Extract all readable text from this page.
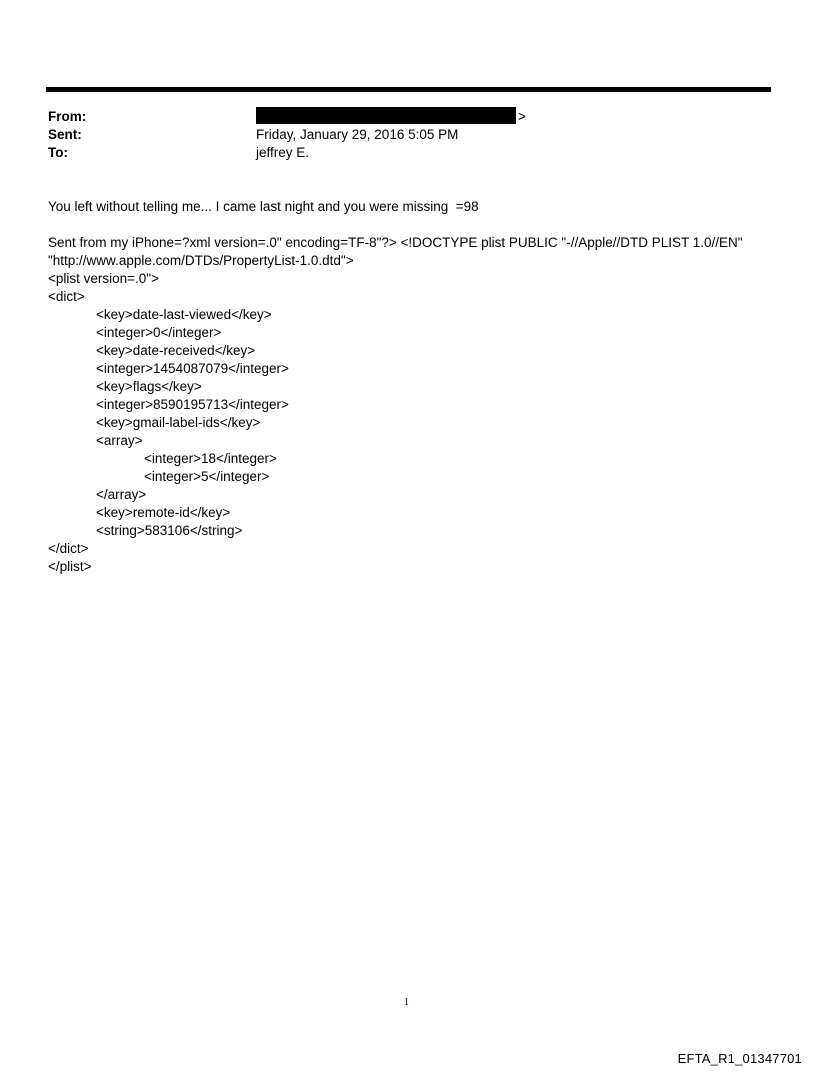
From:	>
Sent:	Friday, January 29, 2016 5:05 PM
To:	jeffrey E.
You left without telling me... I came last night and you were missing  =98
Sent from my iPhone=?xml version=.0" encoding=TF-8"?> <!DOCTYPE plist PUBLIC "-//Apple//DTD PLIST 1.0//EN"
"http://www.apple.com/DTDs/PropertyList-1.0.dtd">
<plist version=.0">
<dict>
<key>date-last-viewed</key>
<integer>0</integer>
<key>date-received</key>
<integer>1454087079</integer>
<key>flags</key>
<integer>8590195713</integer>
<key>gmail-label-ids</key>
<array>
<integer>18</integer>
<integer>5</integer>
</array>
<key>remote-id</key>
<string>583106</string>
</dict>
</plist>
1
EFTA_R1_01347701
